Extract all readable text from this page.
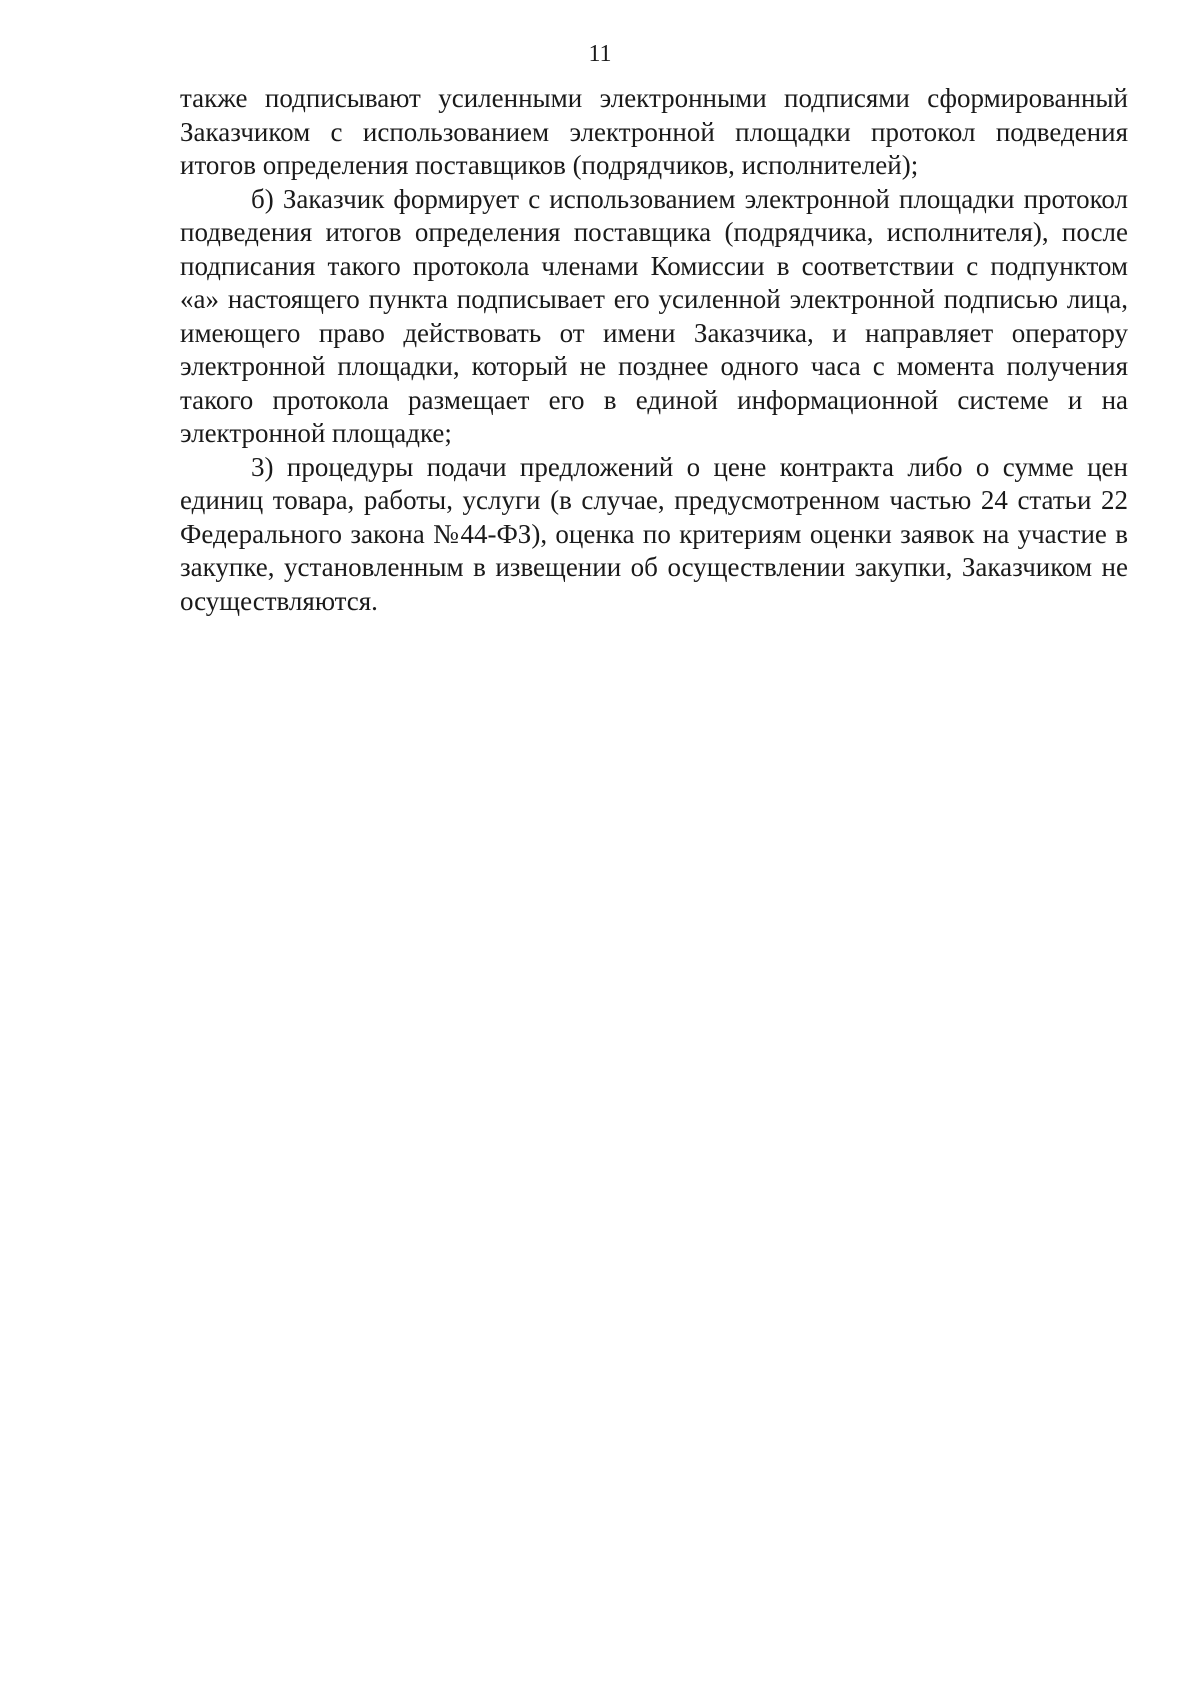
11

также подписывают усиленными электронными подписями сформированный Заказчиком с использованием электронной площадки протокол подведения итогов определения поставщиков (подрядчиков, исполнителей);

б) Заказчик формирует с использованием электронной площадки протокол подведения итогов определения поставщика (подрядчика, исполнителя), после подписания такого протокола членами Комиссии в соответствии с подпунктом «а» настоящего пункта подписывает его усиленной электронной подписью лица, имеющего право действовать от имени Заказчика, и направляет оператору электронной площадки, который не позднее одного часа с момента получения такого протокола размещает его в единой информационной системе и на электронной площадке;

3) процедуры подачи предложений о цене контракта либо о сумме цен единиц товара, работы, услуги (в случае, предусмотренном частью 24 статьи 22 Федерального закона №44-ФЗ), оценка по критериям оценки заявок на участие в закупке, установленным в извещении об осуществлении закупки, Заказчиком не осуществляются.
